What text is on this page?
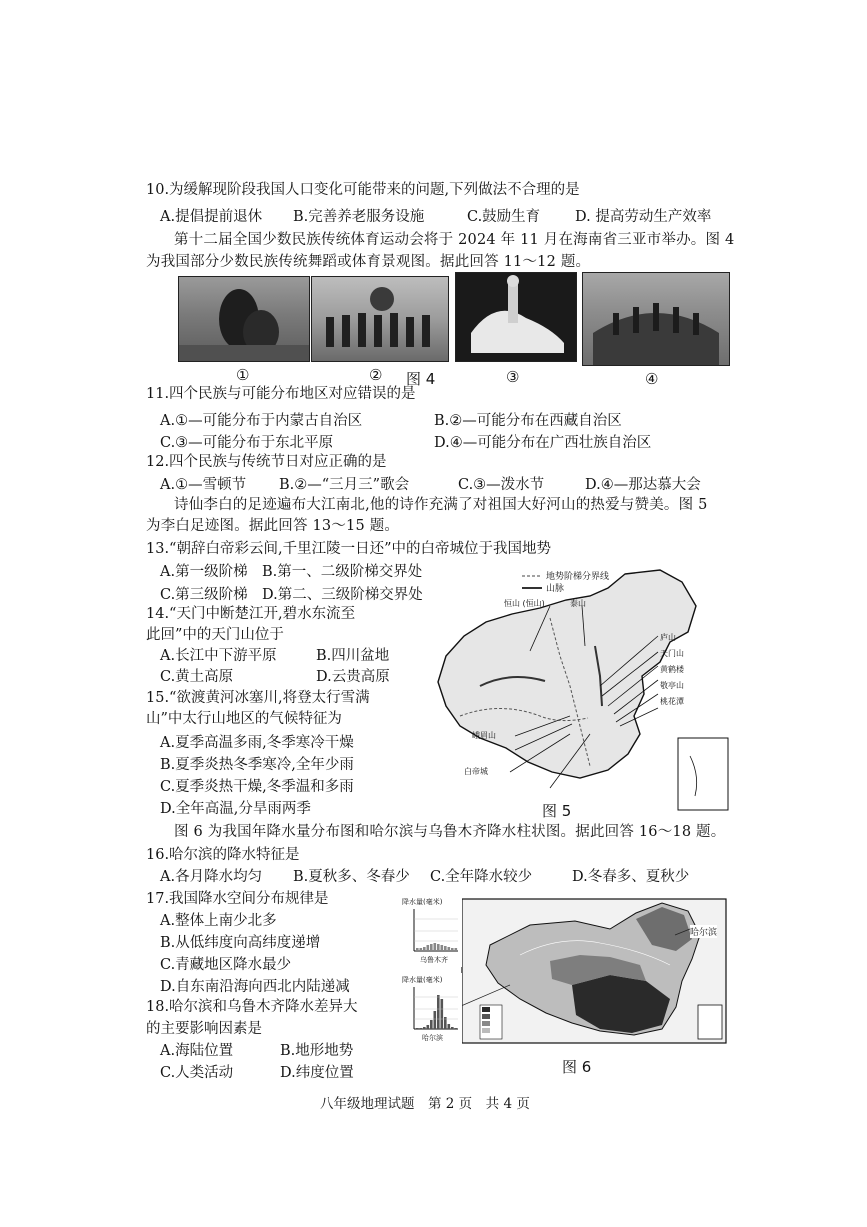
10.为缓解现阶段我国人口变化可能带来的问题,下列做法不合理的是
A.提倡提前退休 B.完善养老服务设施	C.鼓励生育 D. 提高劳动生产效率
第十二届全国少数民族传统体育运动会将于 2024 年 11 月在海南省三亚市举办。图 4
为我国部分少数民族传统舞蹈或体育景观图。据此回答 11～12 题。
①	② 图 4	③	④
11.四个民族与可能分布地区对应错误的是
A.①—可能分布于内蒙古自治区	B.②—可能分布在西藏自治区
C.③—可能分布于东北平原	D.④—可能分布在广西壮族自治区
12.四个民族与传统节日对应正确的是
A.①—雪顿节 B.②—“三月三”歌会	C.③—泼水节	D.④—那达慕大会
诗仙李白的足迹遍布大江南北,他的诗作充满了对祖国大好河山的热爱与赞美。图 5
为李白足迹图。据此回答 13～15 题。
13.“朝辞白帝彩云间,千里江陵一日还”中的白帝城位于我国地势
A.第一级阶梯 B.第一、二级阶梯交界处
C.第三级阶梯 D.第二、三级阶梯交界处
14.“天门中断楚江开,碧水东流至
此回”中的天门山位于
A.长江中下游平原	B.四川盆地
C.黄土高原	D.云贵高原
15.“欲渡黄河冰塞川,将登太行雪满
山”中太行山地区的气候特征为
A.夏季高温多雨,冬季寒冷干燥
B.夏季炎热冬季寒冷,全年少雨
C.夏季炎热干燥,冬季温和多雨
D.全年高温,分旱雨两季
地势阶梯分界线
山脉
恒山 (恒山)	泰山
庐山
天门山
黄鹤楼
敬亭山
桃花潭
峨眉山
白帝城
图 5
图 6 为我国年降水量分布图和哈尔滨与乌鲁木齐降水柱状图。据此回答 16～18 题。
16.哈尔滨的降水特征是
A.各月降水均匀 B.夏秋多、冬春少 C.全年降水较少	D.冬春多、夏秋少
17.我国降水空间分布规律是
A.整体上南少北多
B.从低纬度向高纬度递增
C.青藏地区降水最少
D.自东南沿海向西北内陆递减
18.哈尔滨和乌鲁木齐降水差异大
的主要影响因素是
A.海陆位置	B.地形地势
C.人类活动	D.纬度位置
降水量(毫米)
乌鲁木齐
降水量(毫米)
哈尔滨
哈尔滨
图 6
八年级地理试题　第 2 页　共 4 页
